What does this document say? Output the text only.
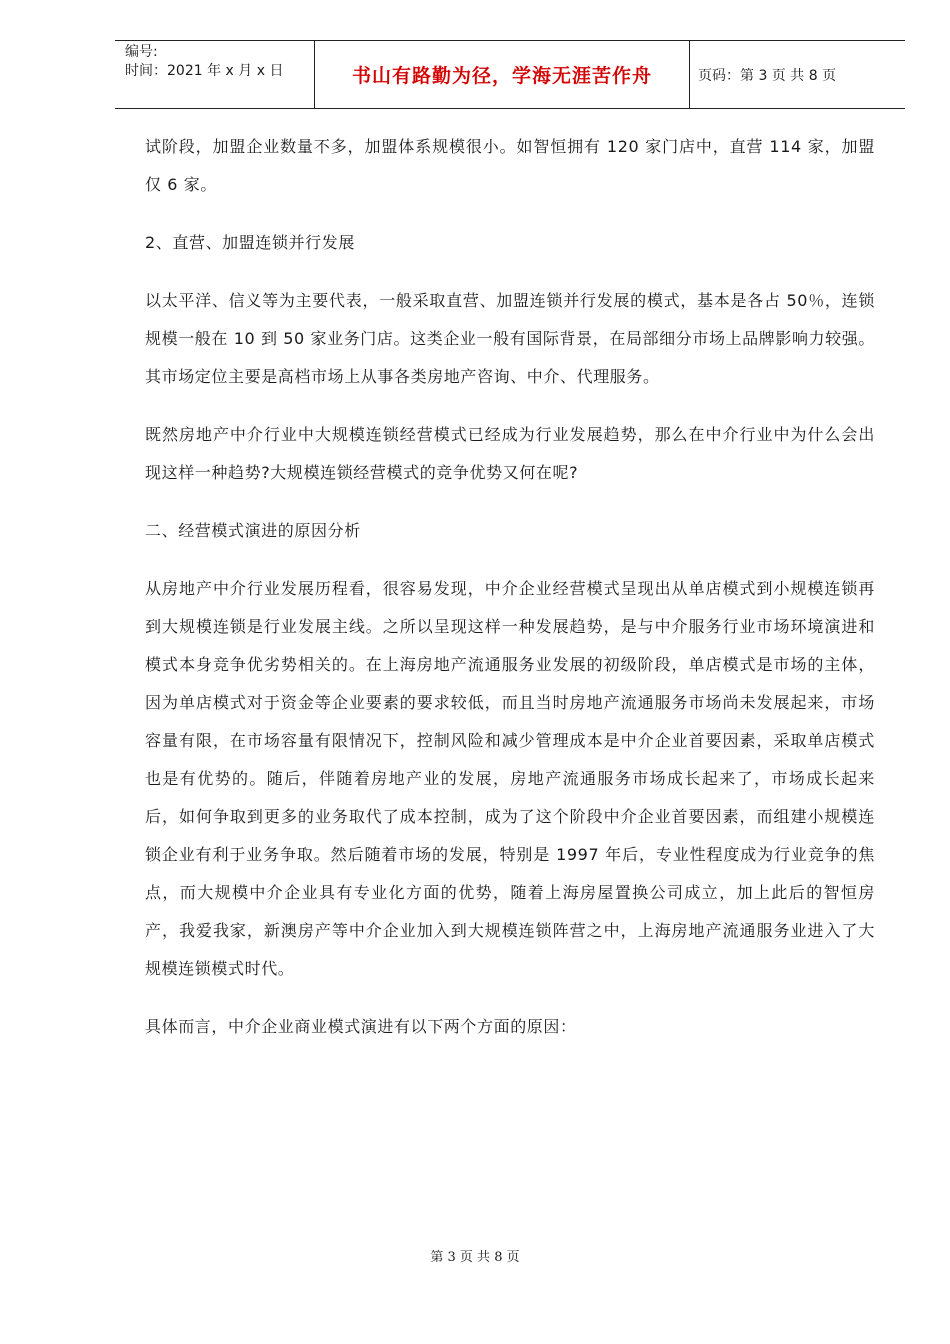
编号:
时间：2021 年 x 月 x 日	书山有路勤为径，学海无涯苦作舟	页码：第 3 页 共 8 页

试阶段，加盟企业数量不多，加盟体系规模很小。如智恒拥有 120 家门店中，直营 114 家，加盟仅 6 家。

2、直营、加盟连锁并行发展

以太平洋、信义等为主要代表，一般采取直营、加盟连锁并行发展的模式，基本是各占 50％，连锁规模一般在 10 到 50 家业务门店。这类企业一般有国际背景，在局部细分市场上品牌影响力较强。其市场定位主要是高档市场上从事各类房地产咨询、中介、代理服务。

既然房地产中介行业中大规模连锁经营模式已经成为行业发展趋势，那么在中介行业中为什么会出现这样一种趋势?大规模连锁经营模式的竞争优势又何在呢?

二、经营模式演进的原因分析

从房地产中介行业发展历程看，很容易发现，中介企业经营模式呈现出从单店模式到小规模连锁再到大规模连锁是行业发展主线。之所以呈现这样一种发展趋势，是与中介服务行业市场环境演进和模式本身竞争优劣势相关的。在上海房地产流通服务业发展的初级阶段，单店模式是市场的主体，因为单店模式对于资金等企业要素的要求较低，而且当时房地产流通服务市场尚未发展起来，市场容量有限，在市场容量有限情况下，控制风险和减少管理成本是中介企业首要因素，采取单店模式也是有优势的。随后，伴随着房地产业的发展，房地产流通服务市场成长起来了，市场成长起来后，如何争取到更多的业务取代了成本控制，成为了这个阶段中介企业首要因素，而组建小规模连锁企业有利于业务争取。然后随着市场的发展，特别是 1997 年后，专业性程度成为行业竞争的焦点，而大规模中介企业具有专业化方面的优势，随着上海房屋置换公司成立，加上此后的智恒房产，我爱我家，新澳房产等中介企业加入到大规模连锁阵营之中，上海房地产流通服务业进入了大规模连锁模式时代。

具体而言，中介企业商业模式演进有以下两个方面的原因：

第 3 页 共 8 页
